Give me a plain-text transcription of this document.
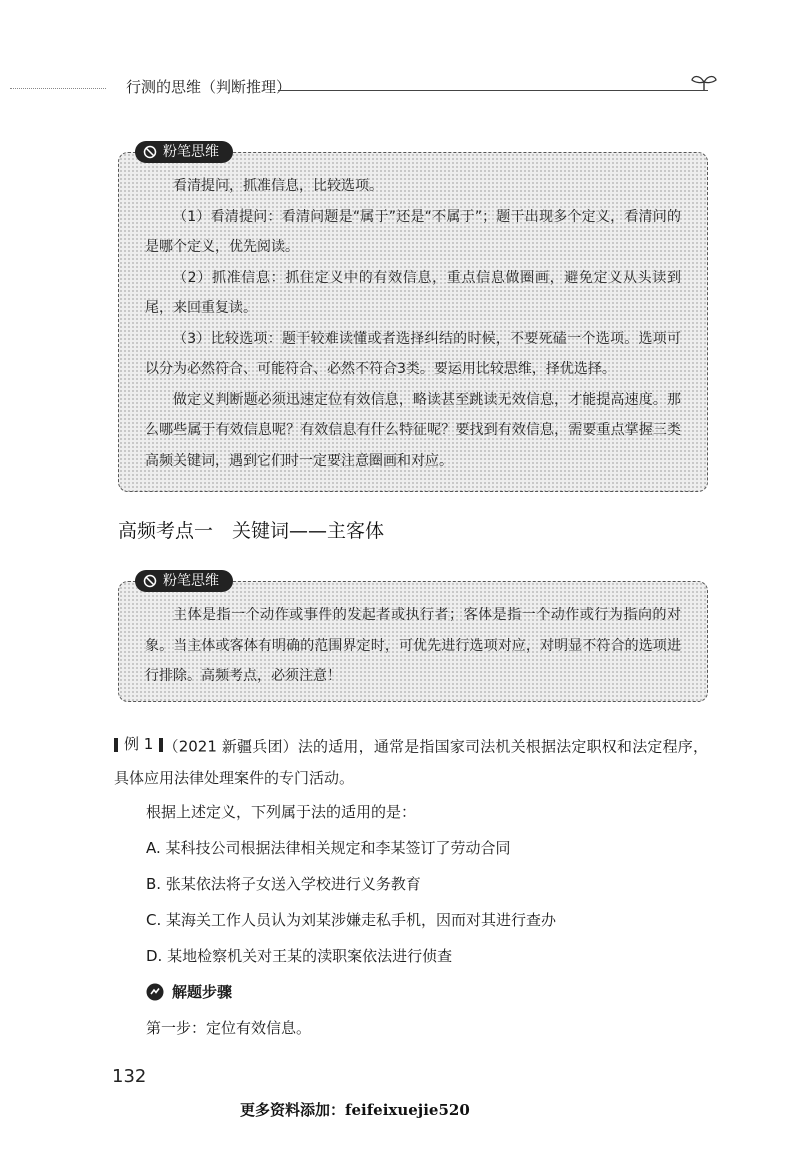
行测的思维（判断推理）
粉笔思维

看清提问，抓准信息，比较选项。

（1）看清提问：看清问题是“属于”还是“不属于”；题干出现多个定义，看清问的是哪个定义，优先阅读。

（2）抓准信息：抓住定义中的有效信息，重点信息做圈画，避免定义从头读到尾，来回重复读。

（3）比较选项：题干较难读懂或者选择纠结的时候，不要死磕一个选项。选项可以分为必然符合、可能符合、必然不符合3类。要运用比较思维，择优选择。

做定义判断题必须迅速定位有效信息，略读甚至跳读无效信息，才能提高速度。那么哪些属于有效信息呢？有效信息有什么特征呢？要找到有效信息，需要重点掌握三类高频关键词，遇到它们时一定要注意圈画和对应。

高频考点一　关键词——主客体
粉笔思维

主体是指一个动作或事件的发起者或执行者；客体是指一个动作或行为指向的对象。当主体或客体有明确的范围界定时，可优先进行选项对应，对明显不符合的选项进行排除。高频考点，必须注意！

例 1 （2021 新疆兵团）法的适用，通常是指国家司法机关根据法定职权和法定程序，具体应用法律处理案件的专门活动。

根据上述定义，下列属于法的适用的是：

A. 某科技公司根据法律相关规定和李某签订了劳动合同

B. 张某依法将子女送入学校进行义务教育

C. 某海关工作人员认为刘某涉嫌走私手机，因而对其进行查办

D. 某地检察机关对王某的渎职案依法进行侦查

解题步骤

第一步：定位有效信息。

132
更多资料添加：feifeixuejie520
